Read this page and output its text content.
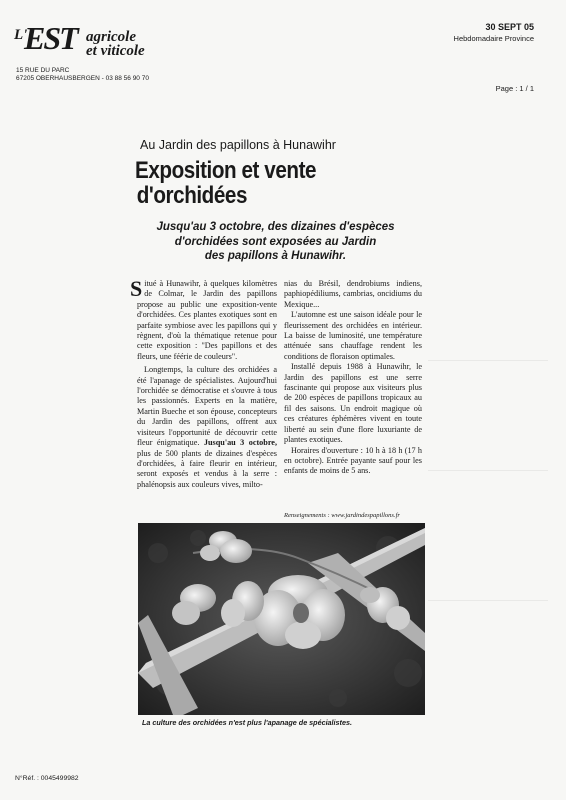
L'
EST agricole
et viticole
15 RUE DU PARC
67205 OBERHAUSBERGEN - 03 88 56 90 70
30 SEPT 05
Hebdomadaire Province
Page : 1 / 1
Au Jardin des papillons à Hunawihr
Exposition et vente
d'orchidées
Jusqu'au 3 octobre, des dizaines d'espèces
d'orchidées sont exposées au Jardin
des papillons à Hunawihr.

Situé à Hunawihr, à quelques kilomètres de Colmar, le Jardin des papillons propose au public une exposition-vente d'orchidées. Ces plantes exotiques sont en parfaite symbiose avec les papillons qui y règnent, d'où la thématique retenue pour cette exposition : "Des papillons et des fleurs, une féérie de couleurs".

Longtemps, la culture des orchidées a été l'apanage de spécialistes. Aujourd'hui l'orchidée se démocratise et s'ouvre à tous les passionnés. Experts en la matière, Martin Bueche et son épouse, concepteurs du Jardin des papillons, offrent aux visiteurs l'opportunité de découvrir cette fleur énigmatique. Jusqu'au 3 octobre, plus de 500 plants de dizaines d'espèces d'orchidées, à faire fleurir en intérieur, seront exposés et vendus à la serre : phalénopsis aux couleurs vives, milto-

nias du Brésil, dendrobiums indiens, paphiopédiliums, cambrias, oncidiums du Mexique...

L'automne est une saison idéale pour le fleurissement des orchidées en intérieur. La baisse de luminosité, une température atténuée sans chauffage rendent les conditions de floraison optimales.

Installé depuis 1988 à Hunawihr, le Jardin des papillons est une serre fascinante qui propose aux visiteurs plus de 200 espèces de papillons tropicaux au fil des saisons. Un endroit magique où ces créatures éphémères vivent en toute liberté au sein d'une flore luxuriante de plantes exotiques.

Horaires d'ouverture : 10 h à 18 h (17 h en octobre). Entrée payante sauf pour les enfants de moins de 5 ans.

Renseignements : www.jardindespapillons.fr
La culture des orchidées n'est plus l'apanage de spécialistes.
N°Réf. : 0045499982
